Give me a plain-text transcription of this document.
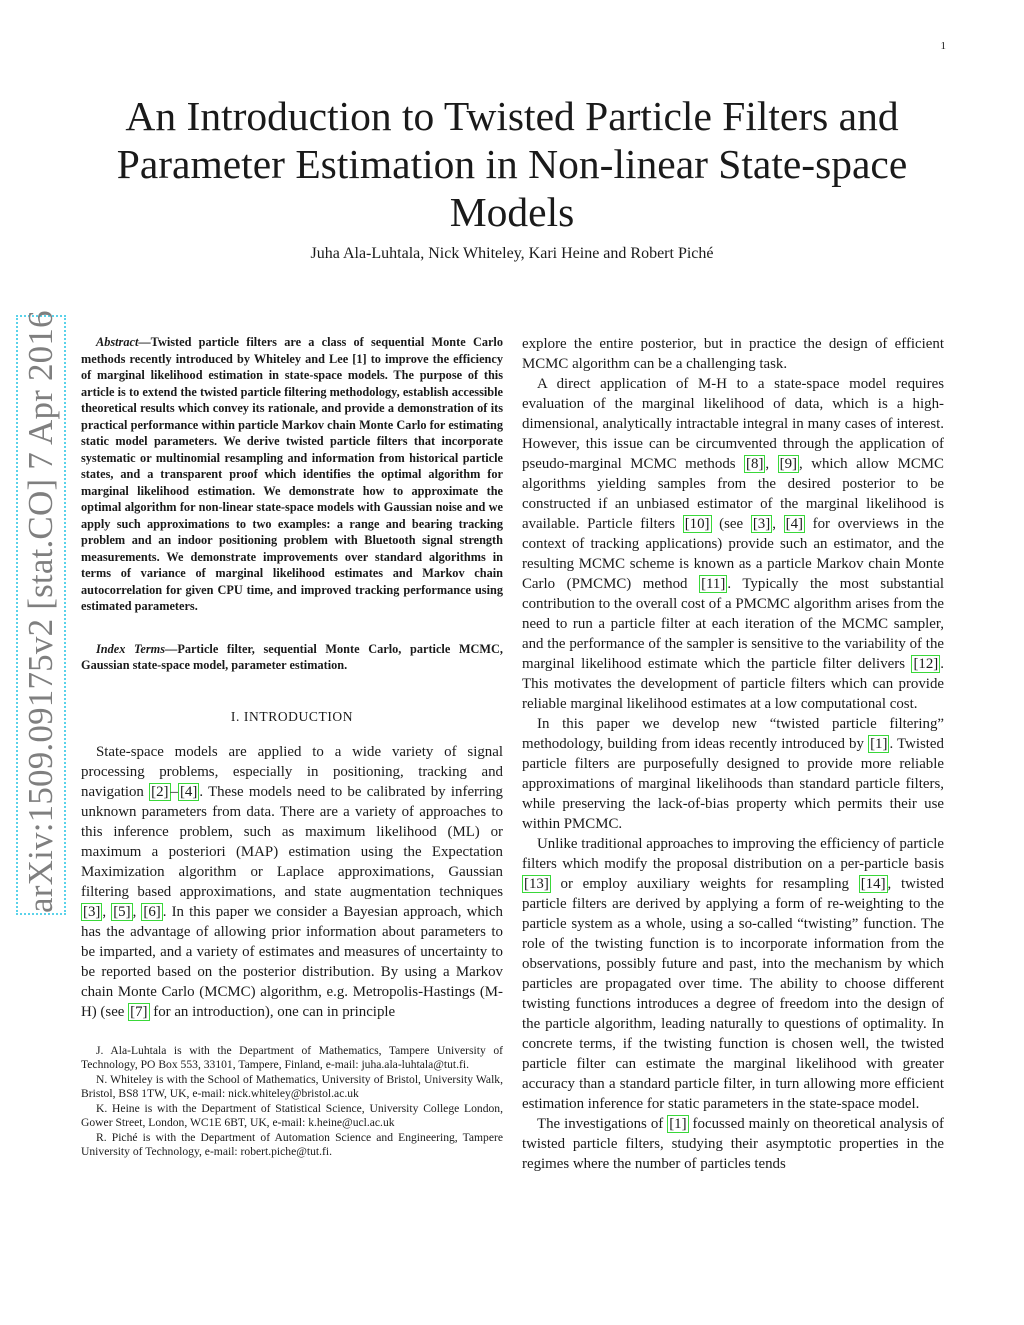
1
An Introduction to Twisted Particle Filters and Parameter Estimation in Non-linear State-space Models
Juha Ala-Luhtala, Nick Whiteley, Kari Heine and Robert Piché
arXiv:1509.09175v2 [stat.CO] 7 Apr 2016	Abstract—Twisted particle filters are a class of sequential Monte Carlo methods recently introduced by Whiteley and Lee [1] to improve the efficiency of marginal likelihood estimation in state-space models. The purpose of this article is to extend the twisted particle filtering methodology, establish accessible theoretical results which convey its rationale, and provide a demonstration of its practical performance within particle Markov chain Monte Carlo for estimating static model parameters. We derive twisted particle filters that incorporate systematic or multinomial resampling and information from historical particle states, and a transparent proof which identifies the optimal algorithm for marginal likelihood estimation. We demonstrate how to approximate the optimal algorithm for non-linear state-space models with Gaussian noise and we apply such approximations to two examples: a range and bearing tracking problem and an indoor positioning problem with Bluetooth signal strength measurements. We demonstrate improvements over standard algorithms in terms of variance of marginal likelihood estimates and Markov chain autocorrelation for given CPU time, and improved tracking performance using estimated parameters.

Index Terms—Particle filter, sequential Monte Carlo, particle MCMC, Gaussian state-space model, parameter estimation.

I. INTRODUCTION

State-space models are applied to a wide variety of signal processing problems, especially in positioning, tracking and navigation [2] – [4] . These models need to be calibrated by inferring unknown parameters from data. There are a variety of approaches to this inference problem, such as maximum likelihood (ML) or maximum a posteriori (MAP) estimation using the Expectation Maximization algorithm or Laplace approximations, Gaussian filtering based approximations, and state augmentation techniques [3] , [5] , [6] . In this paper we consider a Bayesian approach, which has the advantage of allowing prior information about parameters to be imparted, and a variety of estimates and measures of uncertainty to be reported based on the posterior distribution. By using a Markov chain Monte Carlo (MCMC) algorithm, e.g. Metropolis-Hastings (M-H) (see [7] for an introduction), one can in principle

J. Ala-Luhtala is with the Department of Mathematics, Tampere University of Technology, PO Box 553, 33101, Tampere, Finland, e-mail: juha.ala-luhtala@tut.fi.

N. Whiteley is with the School of Mathematics, University of Bristol, University Walk, Bristol, BS8 1TW, UK, e-mail: nick.whiteley@bristol.ac.uk

K. Heine is with the Department of Statistical Science, University College London, Gower Street, London, WC1E 6BT, UK, e-mail: k.heine@ucl.ac.uk

R. Piché is with the Department of Automation Science and Engineering, Tampere University of Technology, e-mail: robert.piche@tut.fi.

explore the entire posterior, but in practice the design of efficient MCMC algorithm can be a challenging task.

A direct application of M-H to a state-space model requires evaluation of the marginal likelihood of data, which is a high-dimensional, analytically intractable integral in many cases of interest. However, this issue can be circumvented through the application of pseudo-marginal MCMC methods [8] , [9] , which allow MCMC algorithms yielding samples from the desired posterior to be constructed if an unbiased estimator of the marginal likelihood is available. Particle filters [10] (see [3] , [4] for overviews in the context of tracking applications) provide such an estimator, and the resulting MCMC scheme is known as a particle Markov chain Monte Carlo (PMCMC) method [11] . Typically the most substantial contribution to the overall cost of a PMCMC algorithm arises from the need to run a particle filter at each iteration of the MCMC sampler, and the performance of the sampler is sensitive to the variability of the marginal likelihood estimate which the particle filter delivers [12] . This motivates the development of particle filters which can provide reliable marginal likelihood estimates at a low computational cost.

In this paper we develop new “twisted particle filtering” methodology, building from ideas recently introduced by [1] . Twisted particle filters are purposefully designed to provide more reliable approximations of marginal likelihoods than standard particle filters, while preserving the lack-of-bias property which permits their use within PMCMC.

Unlike traditional approaches to improving the efficiency of particle filters which modify the proposal distribution on a per-particle basis [13] or employ auxiliary weights for resampling [14] , twisted particle filters are derived by applying a form of re-weighting to the particle system as a whole, using a so-called “twisting” function. The role of the twisting function is to incorporate information from the observations, possibly future and past, into the mechanism by which particles are propagated over time. The ability to choose different twisting functions introduces a degree of freedom into the design of the particle algorithm, leading naturally to questions of optimality. In concrete terms, if the twisting function is chosen well, the twisted particle filter can estimate the marginal likelihood with greater accuracy than a standard particle filter, in turn allowing more efficient estimation inference for static parameters in the state-space model.

The investigations of [1] focussed mainly on theoretical analysis of twisted particle filters, studying their asymptotic properties in the regimes where the number of particles tends
